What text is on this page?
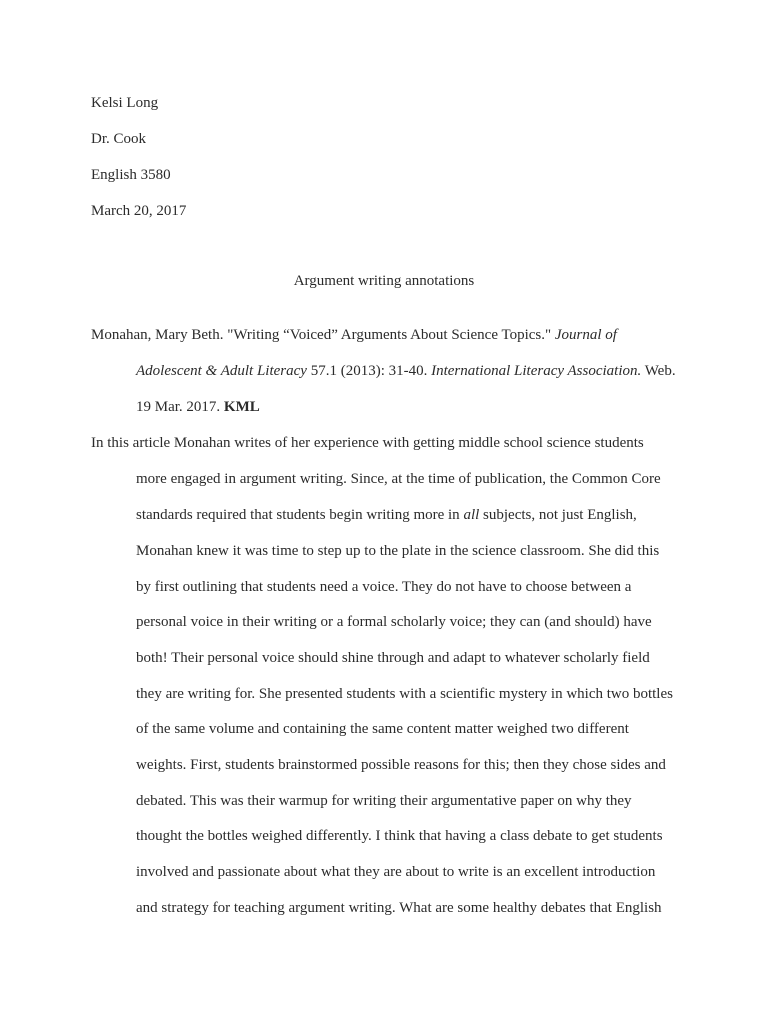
Kelsi Long
Dr. Cook
English 3580
March 20, 2017
Argument writing annotations
Monahan, Mary Beth. "Writing “Voiced” Arguments About Science Topics." Journal of
Adolescent & Adult Literacy 57.1 (2013): 31-40. International Literacy Association. Web.
19 Mar. 2017. KML
In this article Monahan writes of her experience with getting middle school science students
more engaged in argument writing. Since, at the time of publication, the Common Core
standards required that students begin writing more in all subjects, not just English,
Monahan knew it was time to step up to the plate in the science classroom. She did this
by first outlining that students need a voice. They do not have to choose between a
personal voice in their writing or a formal scholarly voice; they can (and should) have
both! Their personal voice should shine through and adapt to whatever scholarly field
they are writing for. She presented students with a scientific mystery in which two bottles
of the same volume and containing the same content matter weighed two different
weights. First, students brainstormed possible reasons for this; then they chose sides and
debated. This was their warmup for writing their argumentative paper on why they
thought the bottles weighed differently. I think that having a class debate to get students
involved and passionate about what they are about to write is an excellent introduction
and strategy for teaching argument writing. What are some healthy debates that English
